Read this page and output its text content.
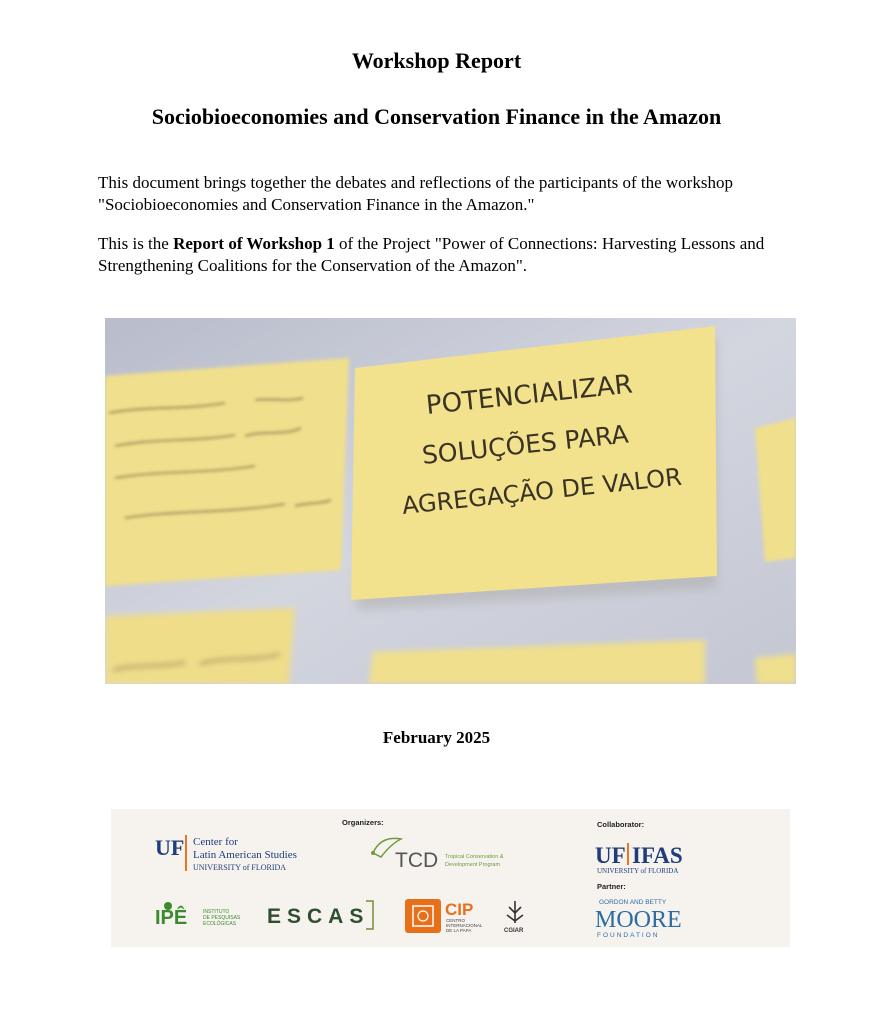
Workshop Report
Sociobioeconomies and Conservation Finance in the Amazon
This document brings together the debates and reflections of the participants of the workshop "Sociobioeconomies and Conservation Finance in the Amazon."
This is the Report of Workshop 1 of the Project "Power of Connections: Harvesting Lessons and Strengthening Coalitions for the Conservation of the Amazon".
POTENCIALIZAR
SOLUÇÕES PARA
AGREGAÇÃO DE VALOR
February 2025
Organizers:	Collaborator:
Partner:
UF Center for
Latin American Studies
UNIVERSITY of FLORIDA	TCD Tropical Conservation &
Development Program	UF IFAS
UNIVERSITY of FLORIDA
IPÊ	INSTITUTO
DE PESQUISAS
ECOLÓGICAS ESCAS	CIP
CENTRO
INTERNACIONAL
DE LA PAPA	CGIAR
GORDON AND BETTY
MOORE
FOUNDATION
